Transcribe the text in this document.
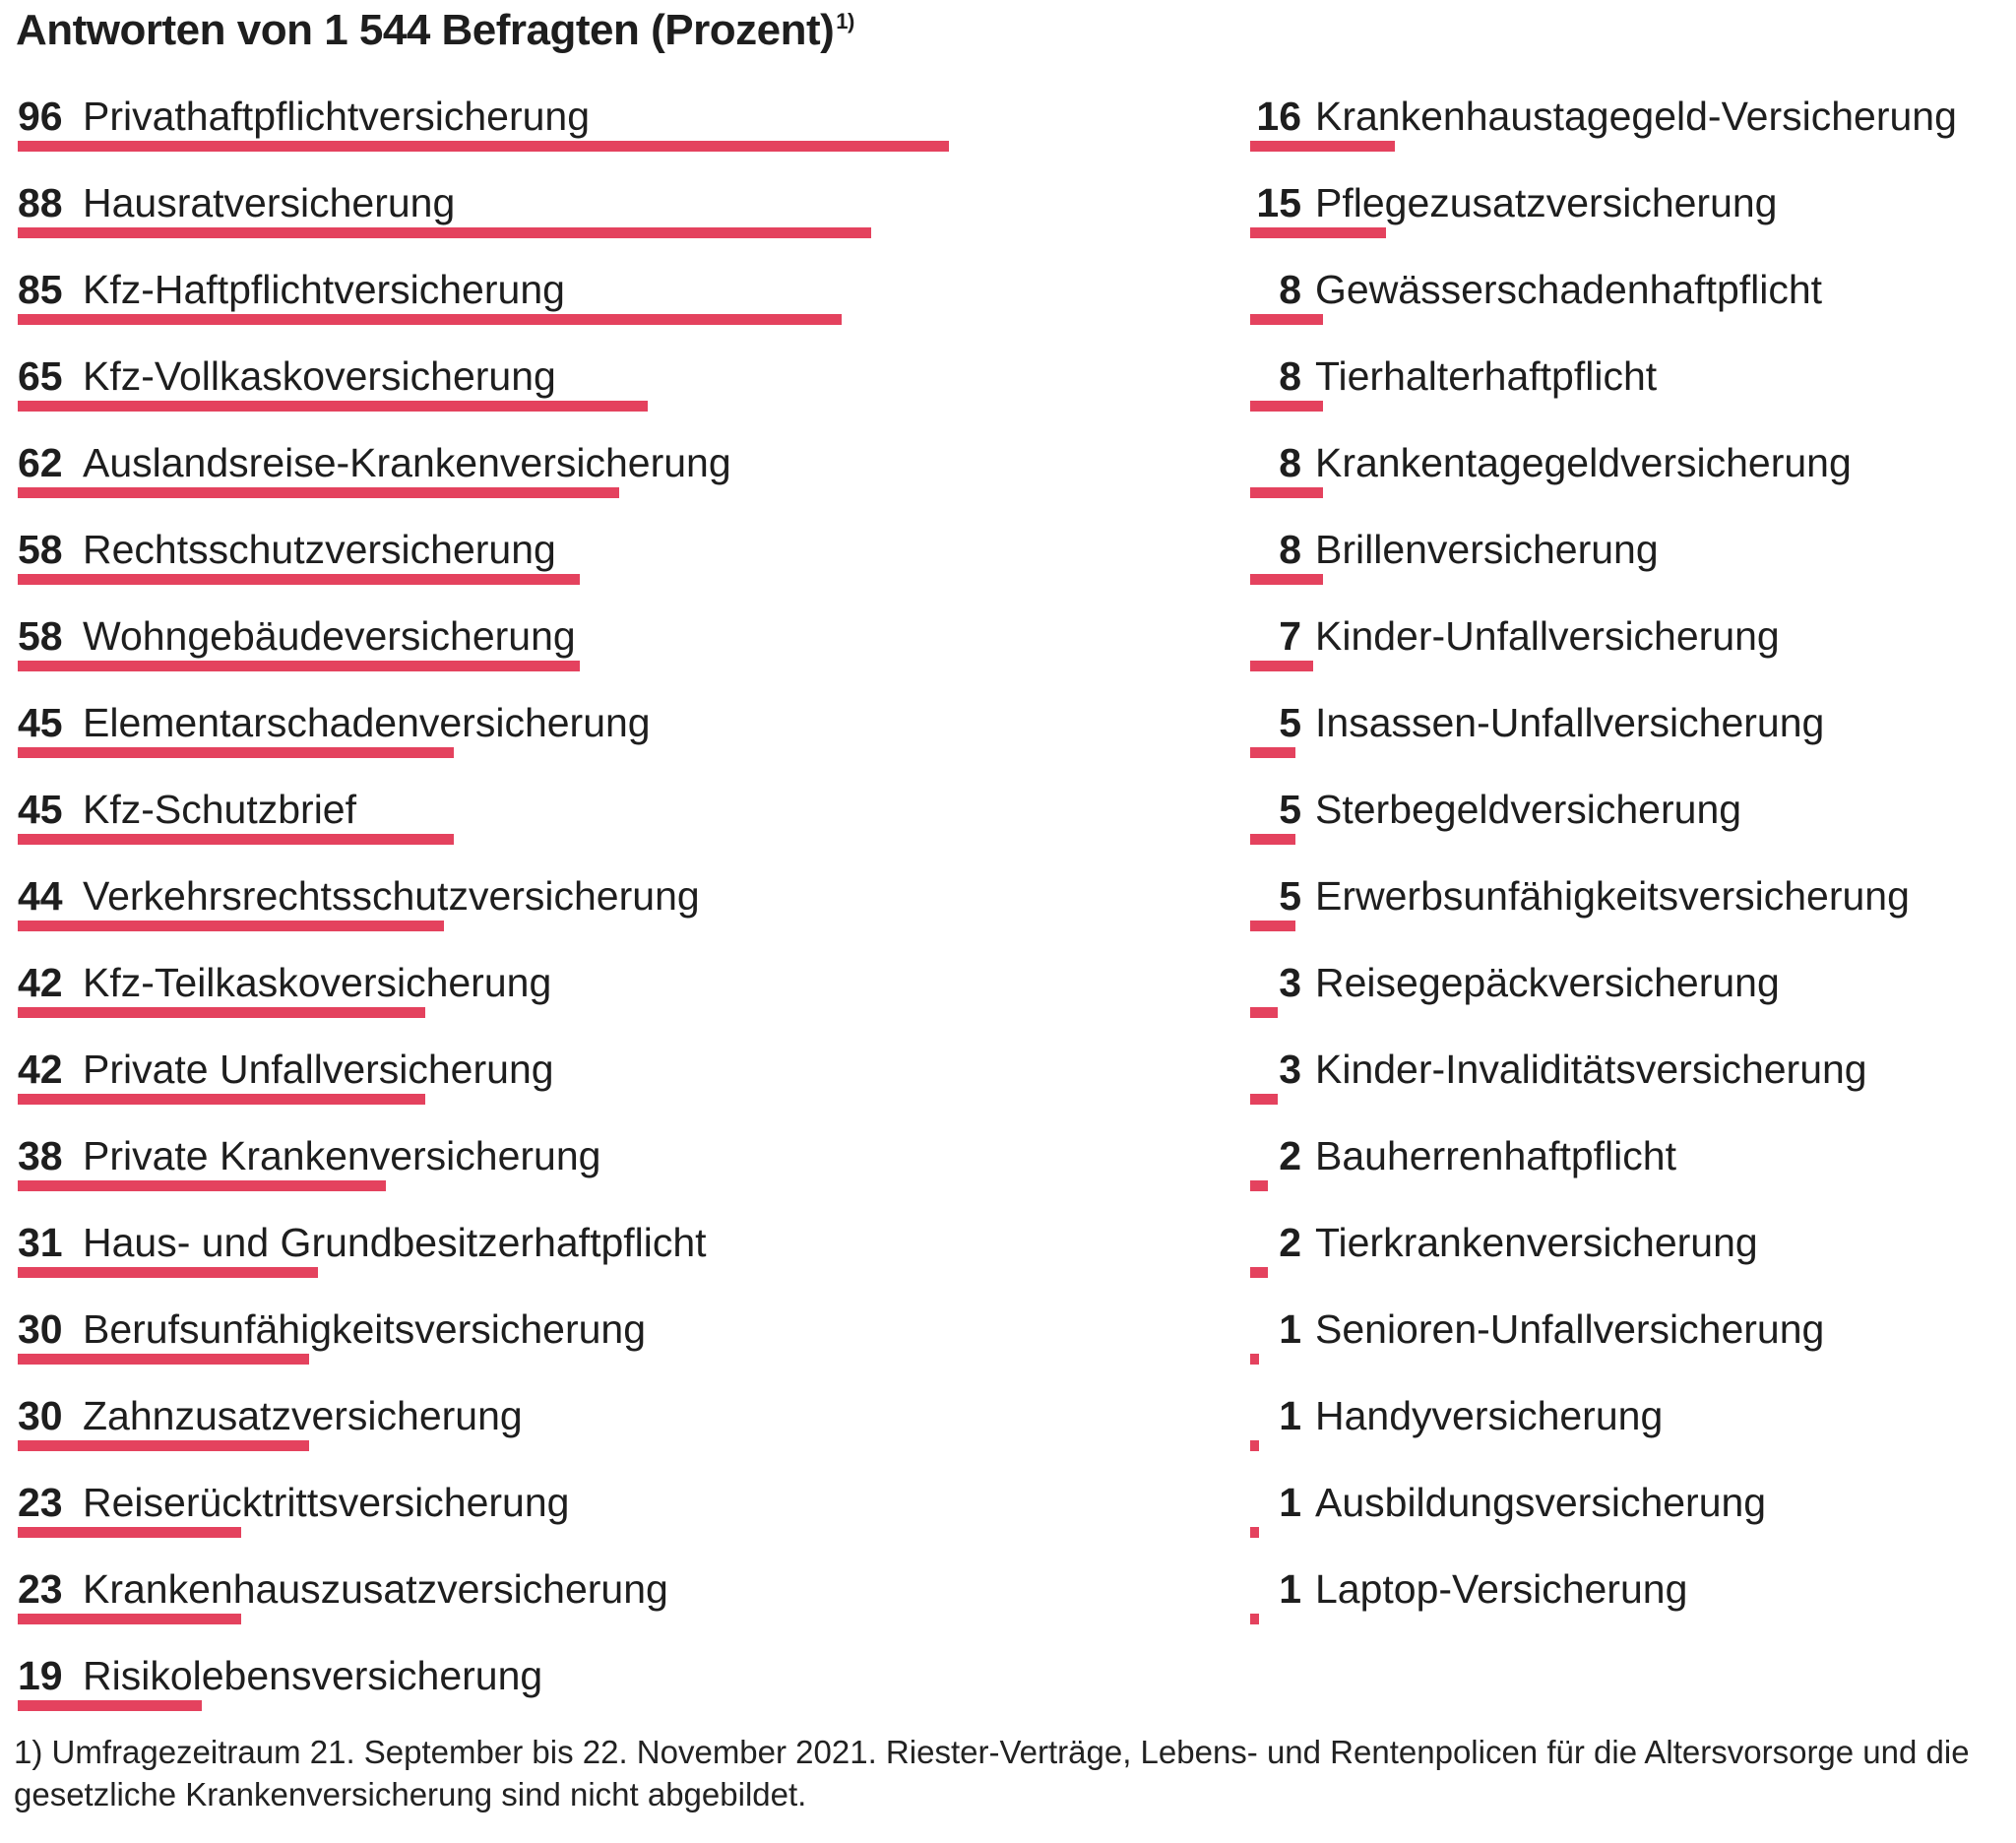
Antworten von 1 544 Befragten (Prozent)$^{1)}$
96 Privathaftpflichtversicherung
88 Hausratversicherung
85 Kfz-Haftpflichtversicherung
65 Kfz-Vollkaskoversicherung
62 Auslandsreise-Krankenversicherung
58 Rechtsschutzversicherung
58 Wohngebäudeversicherung
45 Elementarschadenversicherung
45 Kfz-Schutzbrief
44 Verkehrsrechtsschutzversicherung
42 Kfz-Teilkaskoversicherung
42 Private Unfallversicherung
38 Private Krankenversicherung
31 Haus- und Grundbesitzerhaftpflicht
30 Berufsunfähigkeitsversicherung
30 Zahnzusatzversicherung
23 Reiserücktrittsversicherung
23 Krankenhauszusatzversicherung
19 Risikolebensversicherung
16 Krankenhaustagegeld-Versicherung
15 Pflegezusatzversicherung
8 Gewässerschadenhaftpflicht
8 Tierhalterhaftpflicht
8 Krankentagegeldversicherung
8 Brillenversicherung
7 Kinder-Unfallversicherung
5 Insassen-Unfallversicherung
5 Sterbegeldversicherung
5 Erwerbsunfähigkeitsversicherung
3 Reisegepäckversicherung
3 Kinder-Invaliditätsversicherung
2 Bauherrenhaftpflicht
2 Tierkrankenversicherung
1 Senioren-Unfallversicherung
1 Handyversicherung
1 Ausbildungsversicherung
1 Laptop-Versicherung
1) Umfragezeitraum 21. September bis 22. November 2021. Riester-Verträge, Lebens- und Rentenpolicen für die Altersvorsorge und die gesetzliche Krankenversicherung sind nicht abgebildet.
